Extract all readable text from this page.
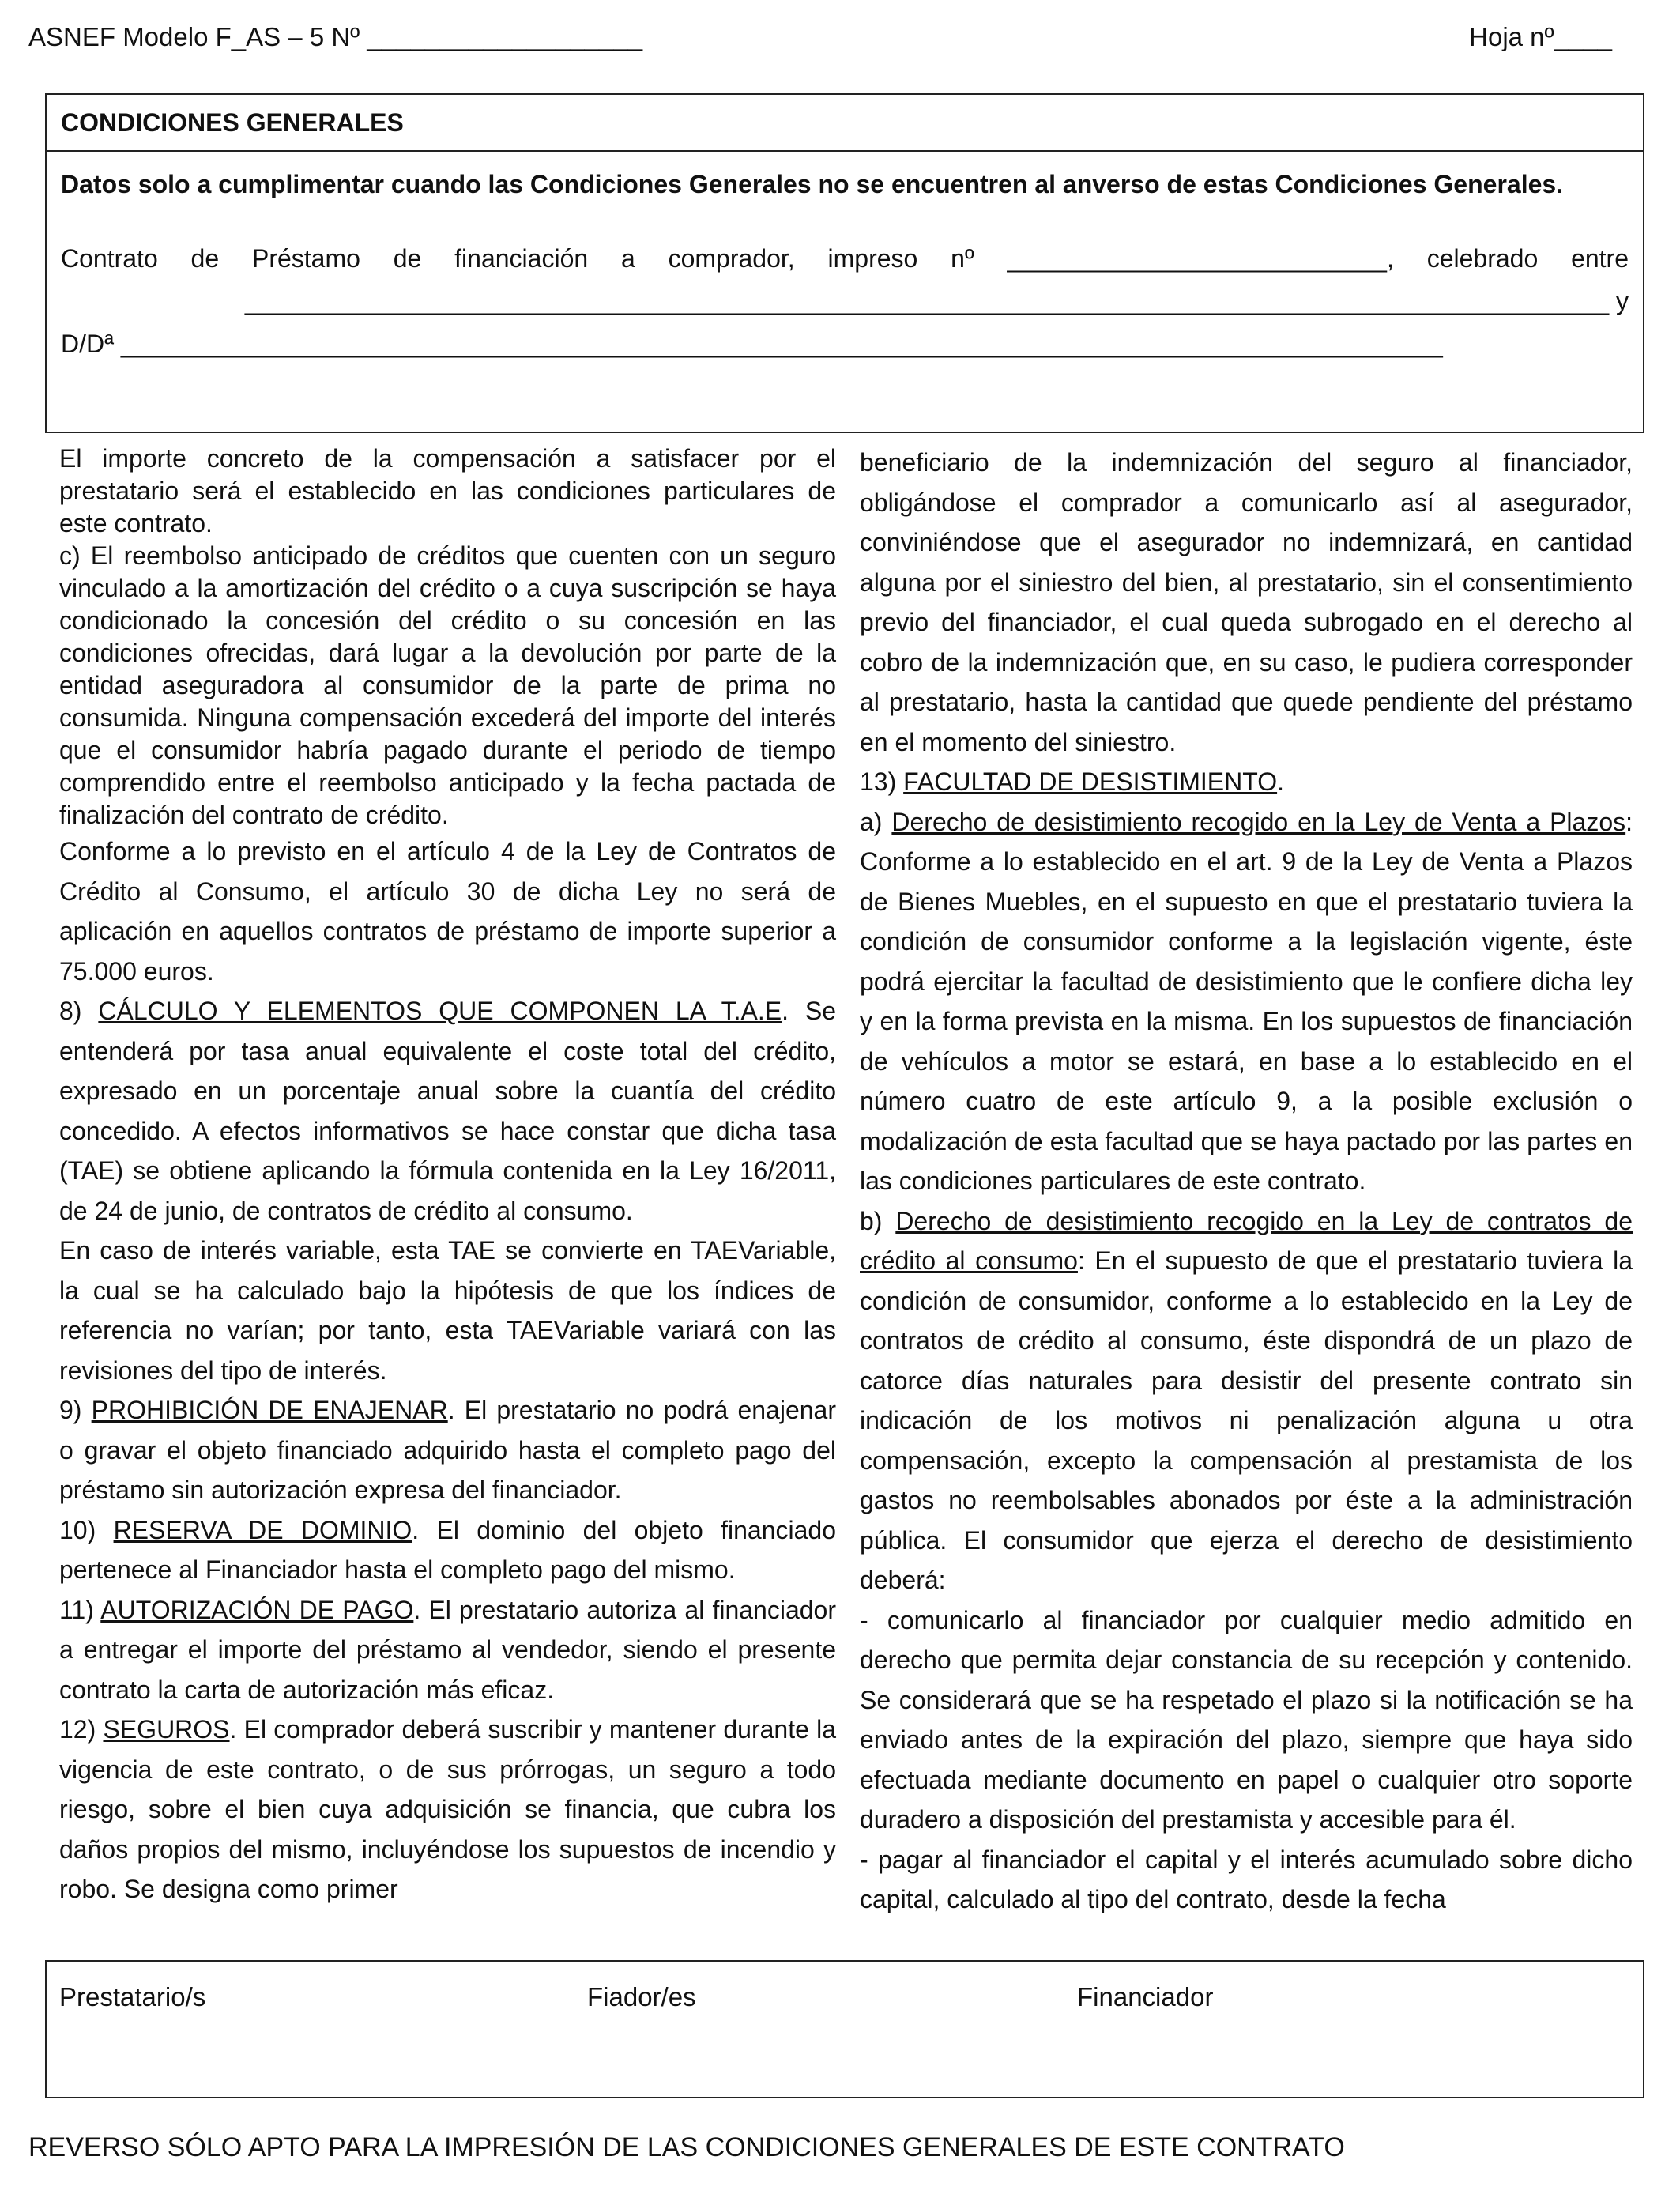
ASNEF Modelo F_AS – 5 Nº ___________________	Hoja nº____
CONDICIONES GENERALES
Datos solo a cumplimentar cuando las Condiciones Generales no se encuentren al anverso de estas Condiciones Generales.
Contrato de Préstamo de financiación a comprador, impreso nº ___________________________, celebrado entre
_________________________________________________________________________________________________ y
D/Dª ______________________________________________________________________________________________

El importe concreto de la compensación a satisfacer por el prestatario será el establecido en las condiciones particulares de este contrato.

c) El reembolso anticipado de créditos que cuenten con un seguro vinculado a la amortización del crédito o a cuya suscripción se haya condicionado la concesión del crédito o su concesión en las condiciones ofrecidas, dará lugar a la devolución por parte de la entidad aseguradora al consumidor de la parte de prima no consumida. Ninguna compensación excederá del importe del interés que el consumidor habría pagado durante el periodo de tiempo comprendido entre el reembolso anticipado y la fecha pactada de finalización del contrato de crédito.

Conforme a lo previsto en el artículo 4 de la Ley de Contratos de Crédito al Consumo, el artículo 30 de dicha Ley no será de aplicación en aquellos contratos de préstamo de importe superior a 75.000 euros.

8) CÁLCULO Y ELEMENTOS QUE COMPONEN LA T.A.E. Se entenderá por tasa anual equivalente el coste total del crédito, expresado en un porcentaje anual sobre la cuantía del crédito concedido. A efectos informativos se hace constar que dicha tasa (TAE) se obtiene aplicando la fórmula contenida en la Ley 16/2011, de 24 de junio, de contratos de crédito al consumo.

En caso de interés variable, esta TAE se convierte en TAEVariable, la cual se ha calculado bajo la hipótesis de que los índices de referencia no varían; por tanto, esta TAEVariable variará con las revisiones del tipo de interés.

9) PROHIBICIÓN DE ENAJENAR. El prestatario no podrá enajenar o gravar el objeto financiado adquirido hasta el completo pago del préstamo sin autorización expresa del financiador.

10) RESERVA DE DOMINIO. El dominio del objeto financiado pertenece al Financiador hasta el completo pago del mismo.

11) AUTORIZACIÓN DE PAGO. El prestatario autoriza al financiador a entregar el importe del préstamo al vendedor, siendo el presente contrato la carta de autorización más eficaz.

12) SEGUROS. El comprador deberá suscribir y mantener durante la vigencia de este contrato, o de sus prórrogas, un seguro a todo riesgo, sobre el bien cuya adquisición se financia, que cubra los daños propios del mismo, incluyéndose los supuestos de incendio y robo. Se designa como primer

beneficiario de la indemnización del seguro al financiador, obligándose el comprador a comunicarlo así al asegurador, conviniéndose que el asegurador no indemnizará, en cantidad alguna por el siniestro del bien, al prestatario, sin el consentimiento previo del financiador, el cual queda subrogado en el derecho al cobro de la indemnización que, en su caso, le pudiera corresponder al prestatario, hasta la cantidad que quede pendiente del préstamo en el momento del siniestro.

13) FACULTAD DE DESISTIMIENTO.

a) Derecho de desistimiento recogido en la Ley de Venta a Plazos: Conforme a lo establecido en el art. 9 de la Ley de Venta a Plazos de Bienes Muebles, en el supuesto en que el prestatario tuviera la condición de consumidor conforme a la legislación vigente, éste podrá ejercitar la facultad de desistimiento que le confiere dicha ley y en la forma prevista en la misma. En los supuestos de financiación de vehículos a motor se estará, en base a lo establecido en el número cuatro de este artículo 9, a la posible exclusión o modalización de esta facultad que se haya pactado por las partes en las condiciones particulares de este contrato.

b) Derecho de desistimiento recogido en la Ley de contratos de crédito al consumo: En el supuesto de que el prestatario tuviera la condición de consumidor, conforme a lo establecido en la Ley de contratos de crédito al consumo, éste dispondrá de un plazo de catorce días naturales para desistir del presente contrato sin indicación de los motivos ni penalización alguna u otra compensación, excepto la compensación al prestamista de los gastos no reembolsables abonados por éste a la administración pública. El consumidor que ejerza el derecho de desistimiento deberá:

- comunicarlo al financiador por cualquier medio admitido en derecho que permita dejar constancia de su recepción y contenido. Se considerará que se ha respetado el plazo si la notificación se ha enviado antes de la expiración del plazo, siempre que haya sido efectuada mediante documento en papel o cualquier otro soporte duradero a disposición del prestamista y accesible para él.

- pagar al financiador el capital y el interés acumulado sobre dicho capital, calculado al tipo del contrato, desde la fecha

Prestatario/s	Fiador/es	Financiador
REVERSO SÓLO APTO PARA LA IMPRESIÓN DE LAS CONDICIONES GENERALES DE ESTE CONTRATO
